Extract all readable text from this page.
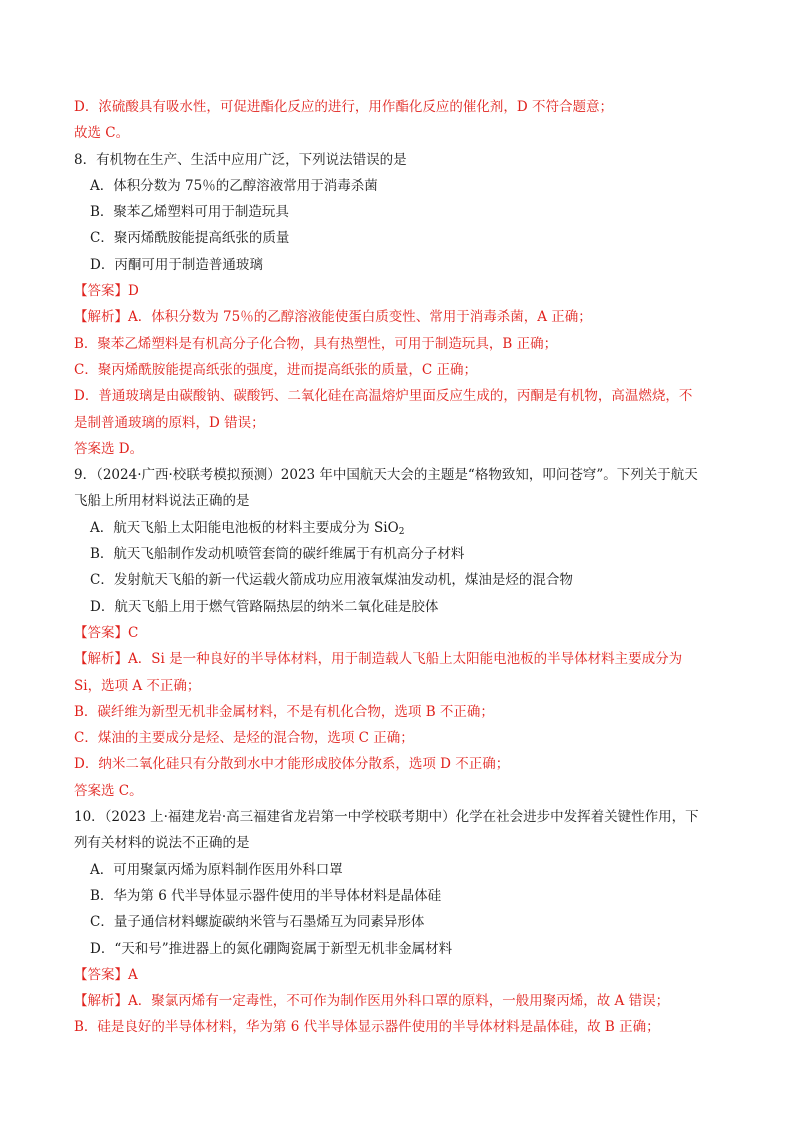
D．浓硫酸具有吸水性，可促进酯化反应的进行，用作酯化反应的催化剂，D 不符合题意；
故选 C。
8．有机物在生产、生活中应用广泛，下列说法错误的是
A．体积分数为 75％的乙醇溶液常用于消毒杀菌
B．聚苯乙烯塑料可用于制造玩具
C．聚丙烯酰胺能提高纸张的质量
D．丙酮可用于制造普通玻璃
【答案】D
【解析】A．体积分数为 75％的乙醇溶液能使蛋白质变性、常用于消毒杀菌，A 正确；
B．聚苯乙烯塑料是有机高分子化合物，具有热塑性，可用于制造玩具，B 正确；
C．聚丙烯酰胺能提高纸张的强度，进而提高纸张的质量，C 正确；
D．普通玻璃是由碳酸钠、碳酸钙、二氧化硅在高温熔炉里面反应生成的，丙酮是有机物，高温燃烧，不
是制普通玻璃的原料，D 错误；
答案选 D。
9．（2024·广西·校联考模拟预测）2023 年中国航天大会的主题是“格物致知，叩问苍穹”。下列关于航天
飞船上所用材料说法正确的是
A．航天飞船上太阳能电池板的材料主要成分为 SiO$_2$
B．航天飞船制作发动机喷管套筒的碳纤维属于有机高分子材料
C．发射航天飞船的新一代运载火箭成功应用液氧煤油发动机，煤油是烃的混合物
D．航天飞船上用于燃气管路隔热层的纳米二氧化硅是胶体
【答案】C
【解析】A．Si 是一种良好的半导体材料，用于制造载人飞船上太阳能电池板的半导体材料主要成分为
Si，选项 A 不正确；
B．碳纤维为新型无机非金属材料，不是有机化合物，选项 B 不正确；
C．煤油的主要成分是烃、是烃的混合物，选项 C 正确；
D．纳米二氧化硅只有分散到水中才能形成胶体分散系，选项 D 不正确；
答案选 C。
10．（2023 上·福建龙岩·高三福建省龙岩第一中学校联考期中）化学在社会进步中发挥着关键性作用，下
列有关材料的说法不正确的是
A．可用聚氯丙烯为原料制作医用外科口罩
B．华为第 6 代半导体显示器件使用的半导体材料是晶体硅
C．量子通信材料螺旋碳纳米管与石墨烯互为同素异形体
D．“天和号”推进器上的氮化硼陶瓷属于新型无机非金属材料
【答案】A
【解析】A．聚氯丙烯有一定毒性，不可作为制作医用外科口罩的原料，一般用聚丙烯，故 A 错误；
B．硅是良好的半导体材料，华为第 6 代半导体显示器件使用的半导体材料是晶体硅，故 B 正确；
